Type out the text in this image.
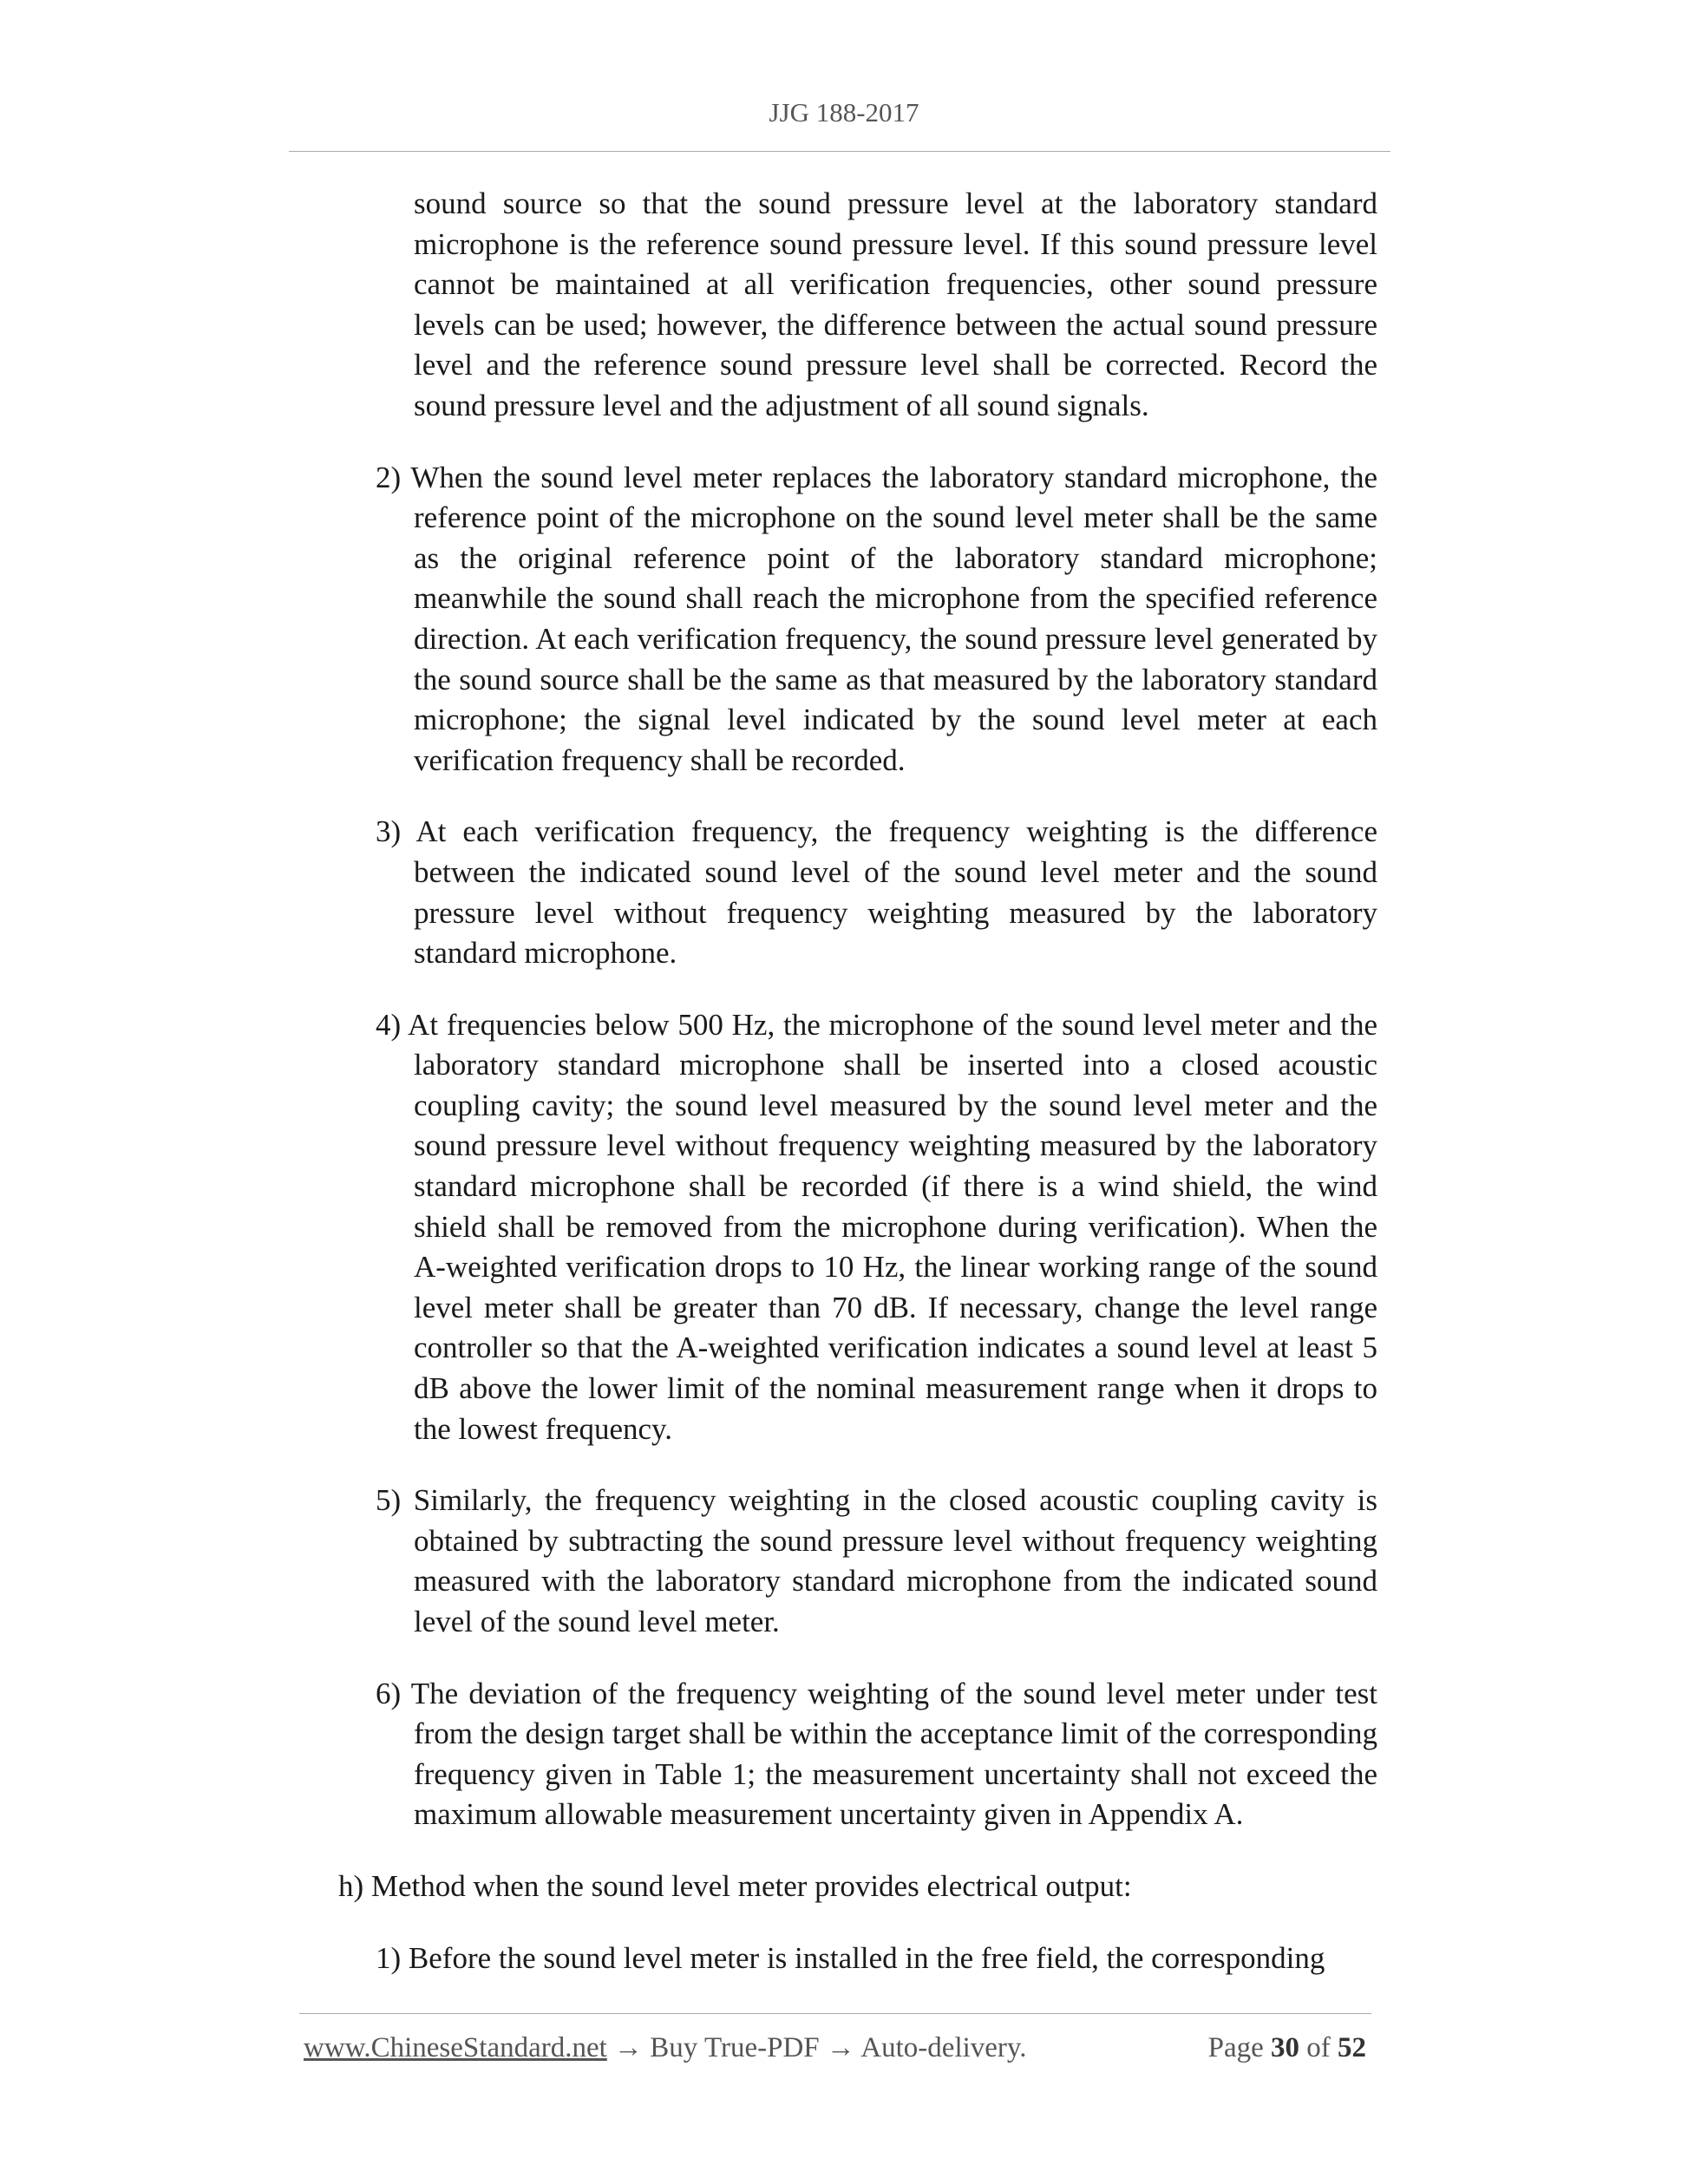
JJG 188-2017

sound source so that the sound pressure level at the laboratory standard microphone is the reference sound pressure level. If this sound pressure level cannot be maintained at all verification frequencies, other sound pressure levels can be used; however, the difference between the actual sound pressure level and the reference sound pressure level shall be corrected. Record the sound pressure level and the adjustment of all sound signals.

2) When the sound level meter replaces the laboratory standard microphone, the reference point of the microphone on the sound level meter shall be the same as the original reference point of the laboratory standard microphone; meanwhile the sound shall reach the microphone from the specified reference direction. At each verification frequency, the sound pressure level generated by the sound source shall be the same as that measured by the laboratory standard microphone; the signal level indicated by the sound level meter at each verification frequency shall be recorded.

3) At each verification frequency, the frequency weighting is the difference between the indicated sound level of the sound level meter and the sound pressure level without frequency weighting measured by the laboratory standard microphone.

4) At frequencies below 500 Hz, the microphone of the sound level meter and the laboratory standard microphone shall be inserted into a closed acoustic coupling cavity; the sound level measured by the sound level meter and the sound pressure level without frequency weighting measured by the laboratory standard microphone shall be recorded (if there is a wind shield, the wind shield shall be removed from the microphone during verification). When the A-weighted verification drops to 10 Hz, the linear working range of the sound level meter shall be greater than 70 dB. If necessary, change the level range controller so that the A-weighted verification indicates a sound level at least 5 dB above the lower limit of the nominal measurement range when it drops to the lowest frequency.

5) Similarly, the frequency weighting in the closed acoustic coupling cavity is obtained by subtracting the sound pressure level without frequency weighting measured with the laboratory standard microphone from the indicated sound level of the sound level meter.

6) The deviation of the frequency weighting of the sound level meter under test from the design target shall be within the acceptance limit of the corresponding frequency given in Table 1; the measurement uncertainty shall not exceed the maximum allowable measurement uncertainty given in Appendix A.

h) Method when the sound level meter provides electrical output:

1) Before the sound level meter is installed in the free field, the corresponding

www.ChineseStandard.net → Buy True-PDF → Auto-delivery.	Page 30 of 52
